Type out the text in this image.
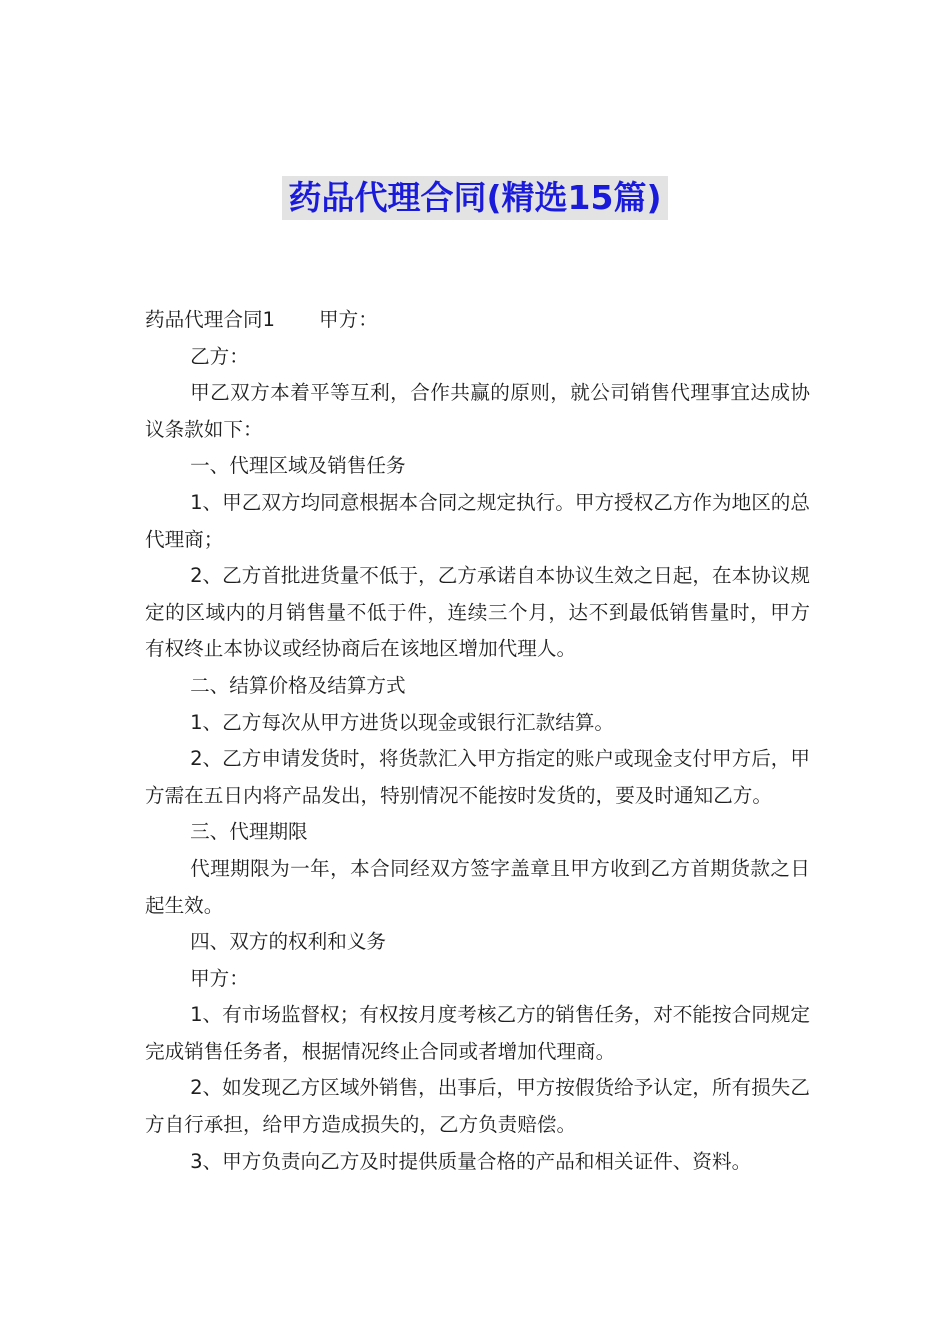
药品代理合同(精选15篇)

药品代理合同1 甲方：

乙方：

甲乙双方本着平等互利，合作共赢的原则，就公司销售代理事宜达成协议条款如下：

一、代理区域及销售任务

1、甲乙双方均同意根据本合同之规定执行。甲方授权乙方作为地区的总代理商；

2、乙方首批进货量不低于，乙方承诺自本协议生效之日起，在本协议规定的区域内的月销售量不低于件，连续三个月，达不到最低销售量时，甲方有权终止本协议或经协商后在该地区增加代理人。

二、结算价格及结算方式

1、乙方每次从甲方进货以现金或银行汇款结算。

2、乙方申请发货时，将货款汇入甲方指定的账户或现金支付甲方后，甲方需在五日内将产品发出，特别情况不能按时发货的，要及时通知乙方。

三、代理期限

代理期限为一年，本合同经双方签字盖章且甲方收到乙方首期货款之日起生效。

四、双方的权利和义务

甲方：

1、有市场监督权；有权按月度考核乙方的销售任务，对不能按合同规定完成销售任务者，根据情况终止合同或者增加代理商。

2、如发现乙方区域外销售，出事后，甲方按假货给予认定，所有损失乙方自行承担，给甲方造成损失的，乙方负责赔偿。

3、甲方负责向乙方及时提供质量合格的产品和相关证件、资料。
